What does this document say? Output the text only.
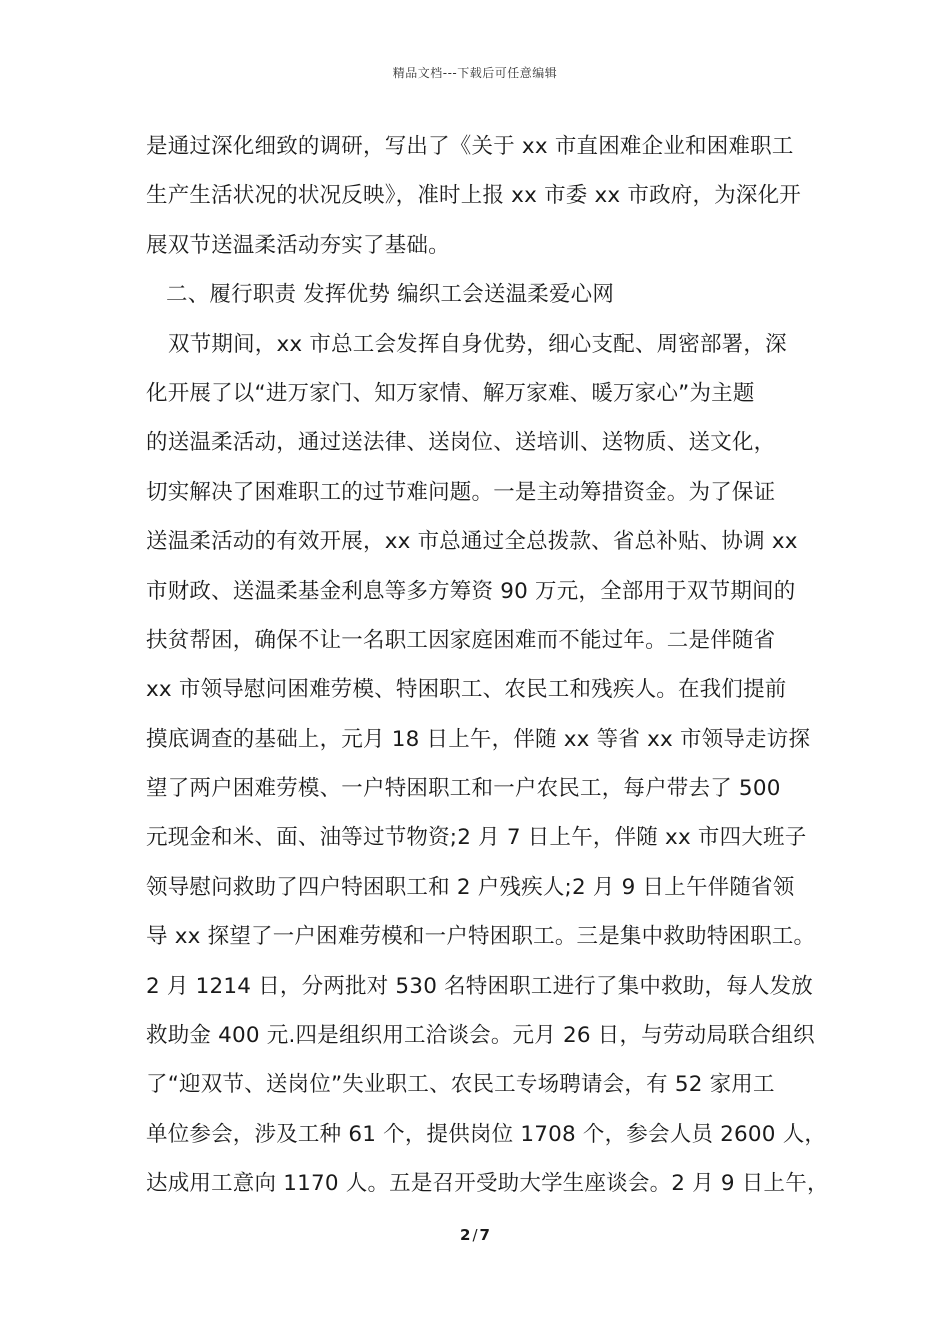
精品文档---下载后可任意编辑
是通过深化细致的调研，写出了《关于 xx 市直困难企业和困难职工
生产生活状况的状况反映》，准时上报 xx 市委 xx 市政府，为深化开
展双节送温柔活动夯实了基础。
二、履行职责 发挥优势 编织工会送温柔爱心网
双节期间，xx 市总工会发挥自身优势，细心支配、周密部署，深
化开展了以“进万家门、知万家情、解万家难、暖万家心”为主题
的送温柔活动，通过送法律、送岗位、送培训、送物质、送文化，
切实解决了困难职工的过节难问题。一是主动筹措资金。为了保证
送温柔活动的有效开展，xx 市总通过全总拨款、省总补贴、协调 xx
市财政、送温柔基金利息等多方筹资 90 万元，全部用于双节期间的
扶贫帮困，确保不让一名职工因家庭困难而不能过年。二是伴随省
xx 市领导慰问困难劳模、特困职工、农民工和残疾人。在我们提前
摸底调查的基础上，元月 18 日上午，伴随 xx 等省 xx 市领导走访探
望了两户困难劳模、一户特困职工和一户农民工，每户带去了 500
元现金和米、面、油等过节物资;2 月 7 日上午，伴随 xx 市四大班子
领导慰问救助了四户特困职工和 2 户残疾人;2 月 9 日上午伴随省领
导 xx 探望了一户困难劳模和一户特困职工。三是集中救助特困职工。
2 月 1214 日，分两批对 530 名特困职工进行了集中救助，每人发放
救助金 400 元.四是组织用工洽谈会。元月 26 日，与劳动局联合组织
了“迎双节、送岗位”失业职工、农民工专场聘请会，有 52 家用工
单位参会，涉及工种 61 个，提供岗位 1708 个，参会人员 2600 人，
达成用工意向 1170 人。五是召开受助大学生座谈会。2 月 9 日上午，
2 / 7
